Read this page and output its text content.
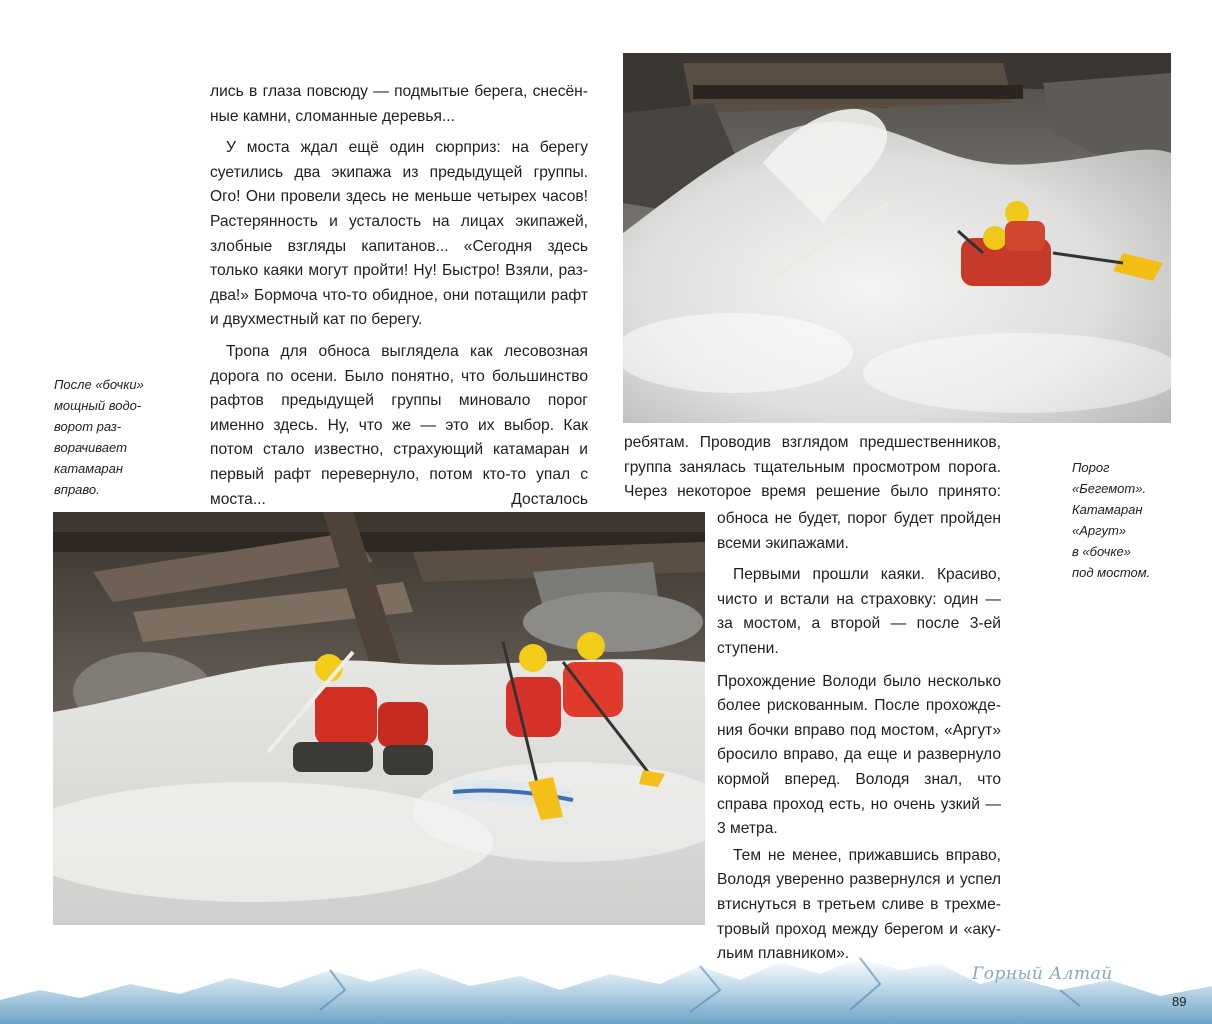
лись в глаза повсюду — подмытые берега, снесённые камни, сломанные деревья...

У моста ждал ещё один сюрприз: на берегу суетились два экипажа из предыдущей группы. Ого! Они провели здесь не меньше четырех часов! Растерянность и усталость на лицах экипажей, злобные взгляды капитанов... «Сегодня здесь только каяки могут пройти! Ну! Быстро! Взяли, раз-два!» Бормоча что-то обидное, они потащили рафт и двухместный кат по берегу.

Тропа для обноса выглядела как лесовозная дорога по осени. Было понятно, что большинство рафтов предыдущей группы миновало порог именно здесь. Ну, что же — это их выбор. Как потом стало известно, страхующий катамаран и первый рафт перевернуло, потом кто-то упал с моста... Досталось

ребятам. Проводив взглядом предшественников,

группа занялась тщательным просмотром порога.

Через некоторое время решение было принято:

обноса не будет, порог будет пройден всеми экипажами.

Первыми прошли каяки. Красиво, чисто и встали на страховку: один — за мостом, а второй — после 3-ей ступени.

Прохождение Володи было несколько более рискованным. После прохождения бочки вправо под мостом, «Аргут» бросило вправо, да еще и развернуло кормой вперед. Володя знал, что справа проход есть, но очень узкий — 3 метра.

Тем не менее, прижавшись вправо, Володя уверенно развернулся и успел втиснуться в третьем сливе в трехметровый проход между берегом и «акульим плавником».

После «бочки»
мощный водо-
ворот раз-
ворачивает
катамаран
вправо.
Порог
«Бегемот».
Катамаран
«Аргут»
в «бочке»
под мостом.
Горный Алтай
89
